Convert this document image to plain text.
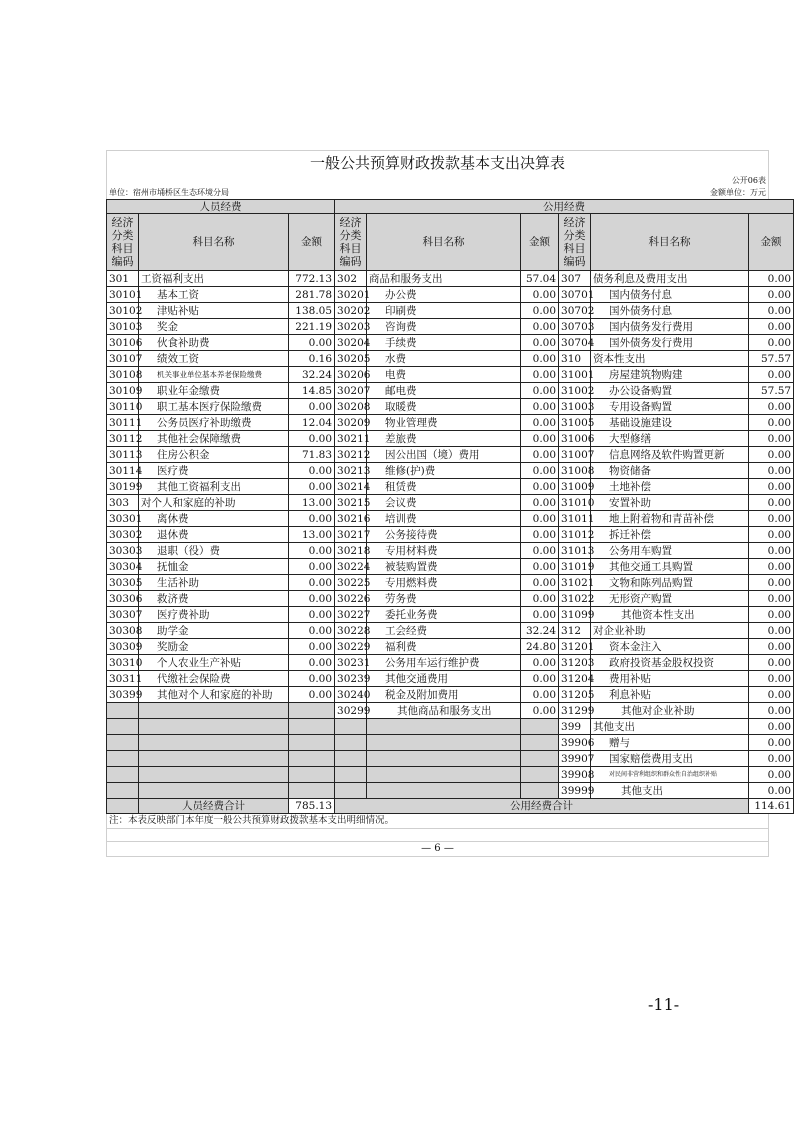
一般公共预算财政拨款基本支出决算表
公开06表
单位：宿州市埇桥区生态环境分局	金额单位：万元
人员经费			公用经费					
经济分类科目编码	科目名称	金额	经济分类科目编码	科目名称	金额	经济分类科目编码	科目名称	金额
301	工资福利支出	772.13	302	商品和服务支出	57.04	307	债务利息及费用支出	0.00
30101	基本工资	281.78	30201	办公费	0.00	30701	国内债务付息	0.00
30102	津贴补贴	138.05	30202	印刷费	0.00	30702	国外债务付息	0.00
30103	奖金	221.19	30203	咨询费	0.00	30703	国内债务发行费用	0.00
30106	伙食补助费	0.00	30204	手续费	0.00	30704	国外债务发行费用	0.00
30107	绩效工资	0.16	30205	水费	0.00	310	资本性支出	57.57
30108	机关事业单位基本养老保险缴费	32.24	30206	电费	0.00	31001	房屋建筑物购建	0.00
30109	职业年金缴费	14.85	30207	邮电费	0.00	31002	办公设备购置	57.57
30110	职工基本医疗保险缴费	0.00	30208	取暖费	0.00	31003	专用设备购置	0.00
30111	公务员医疗补助缴费	12.04	30209	物业管理费	0.00	31005	基础设施建设	0.00
30112	其他社会保障缴费	0.00	30211	差旅费	0.00	31006	大型修缮	0.00
30113	住房公积金	71.83	30212	因公出国（境）费用	0.00	31007	信息网络及软件购置更新	0.00
30114	医疗费	0.00	30213	维修(护)费	0.00	31008	物资储备	0.00
30199	其他工资福利支出	0.00	30214	租赁费	0.00	31009	土地补偿	0.00
303	对个人和家庭的补助	13.00	30215	会议费	0.00	31010	安置补助	0.00
30301	离休费	0.00	30216	培训费	0.00	31011	地上附着物和青苗补偿	0.00
30302	退休费	13.00	30217	公务接待费	0.00	31012	拆迁补偿	0.00
30303	退职（役）费	0.00	30218	专用材料费	0.00	31013	公务用车购置	0.00
30304	抚恤金	0.00	30224	被装购置费	0.00	31019	其他交通工具购置	0.00
30305	生活补助	0.00	30225	专用燃料费	0.00	31021	文物和陈列品购置	0.00
30306	救济费	0.00	30226	劳务费	0.00	31022	无形资产购置	0.00
30307	医疗费补助	0.00	30227	委托业务费	0.00	31099	其他资本性支出	0.00
30308	助学金	0.00	30228	工会经费	32.24	312	对企业补助	0.00
30309	奖励金	0.00	30229	福利费	24.80	31201	资本金注入	0.00
30310	个人农业生产补贴	0.00	30231	公务用车运行维护费	0.00	31203	政府投资基金股权投资	0.00
30311	代缴社会保险费	0.00	30239	其他交通费用	0.00	31204	费用补贴	0.00
30399	其他对个人和家庭的补助	0.00	30240	税金及附加费用	0.00	31205	利息补贴	0.00
			30299	其他商品和服务支出	0.00	31299	其他对企业补助	0.00
						399	其他支出	0.00
						39906	赠与	0.00
						39907	国家赔偿费用支出	0.00
						39908	对民间非营利组织和群众性自治组织补贴	0.00
						39999	其他支出	0.00
	人员经费合计	785.13	公用经费合计					114.61
注：本表反映部门本年度一般公共预算财政拨款基本支出明细情况。
— 6 —
-11-
